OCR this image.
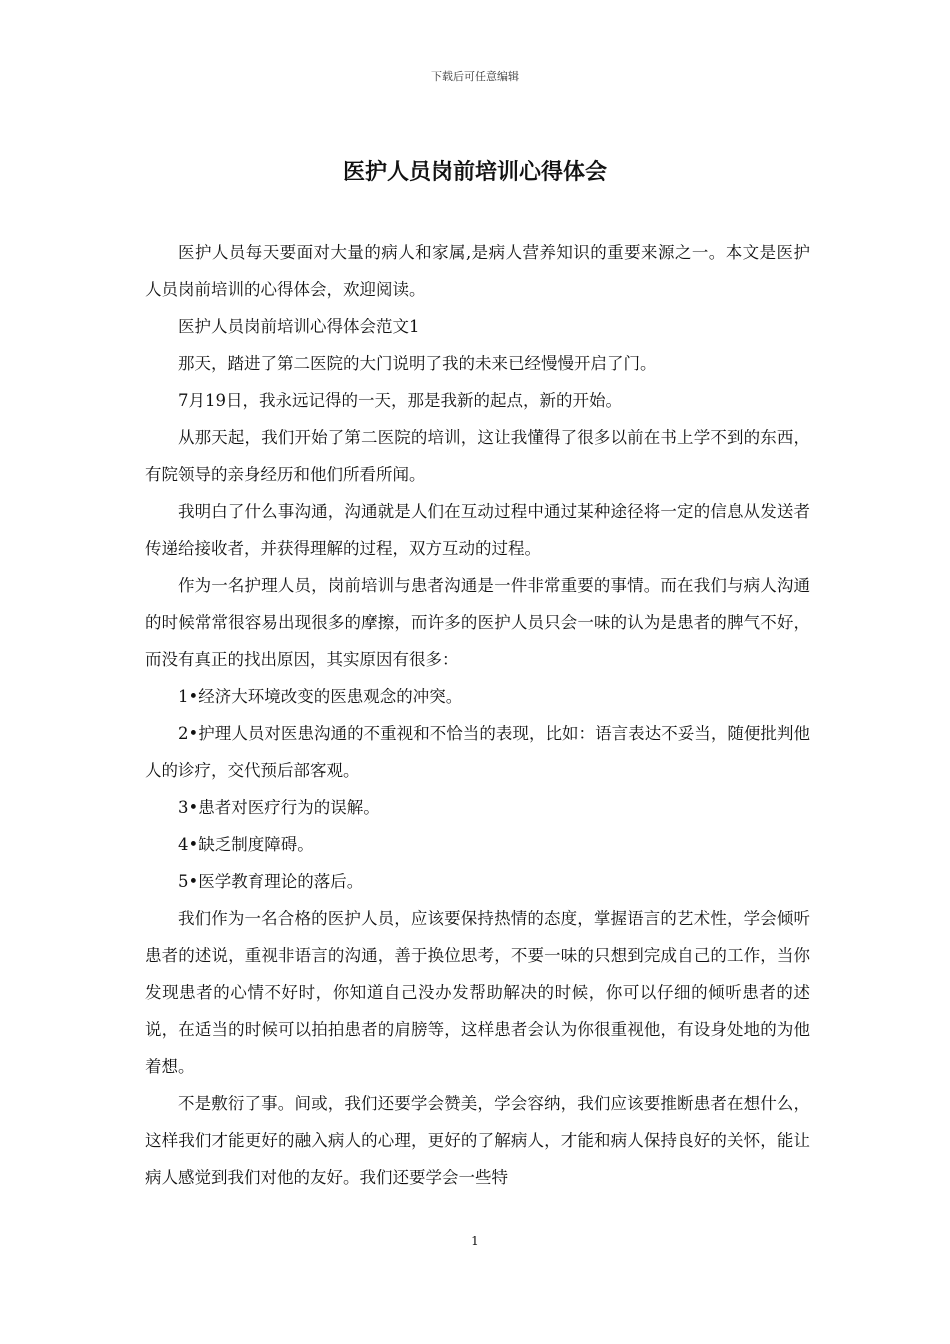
下载后可任意编辑
医护人员岗前培训心得体会

医护人员每天要面对大量的病人和家属,是病人营养知识的重要来源之一。本文是医护人员岗前培训的心得体会，欢迎阅读。

医护人员岗前培训心得体会范文1

那天，踏进了第二医院的大门说明了我的未来已经慢慢开启了门。

7月19日，我永远记得的一天，那是我新的起点，新的开始。

从那天起，我们开始了第二医院的培训，这让我懂得了很多以前在书上学不到的东西，有院领导的亲身经历和他们所看所闻。

我明白了什么事沟通，沟通就是人们在互动过程中通过某种途径将一定的信息从发送者传递给接收者，并获得理解的过程，双方互动的过程。

作为一名护理人员，岗前培训与患者沟通是一件非常重要的事情。而在我们与病人沟通的时候常常很容易出现很多的摩擦，而许多的医护人员只会一味的认为是患者的脾气不好，而没有真正的找出原因，其实原因有很多：

1•经济大环境改变的医患观念的冲突。

2•护理人员对医患沟通的不重视和不恰当的表现，比如：语言表达不妥当，随便批判他人的诊疗，交代预后部客观。

3•患者对医疗行为的误解。

4•缺乏制度障碍。

5•医学教育理论的落后。

我们作为一名合格的医护人员，应该要保持热情的态度，掌握语言的艺术性，学会倾听患者的述说，重视非语言的沟通，善于换位思考，不要一味的只想到完成自己的工作，当你发现患者的心情不好时，你知道自己没办发帮助解决的时候，你可以仔细的倾听患者的述说，在适当的时候可以拍拍患者的肩膀等，这样患者会认为你很重视他，有设身处地的为他着想。

不是敷衍了事。间或，我们还要学会赞美，学会容纳，我们应该要推断患者在想什么，这样我们才能更好的融入病人的心理，更好的了解病人，才能和病人保持良好的关怀，能让病人感觉到我们对他的友好。我们还要学会一些特

1
